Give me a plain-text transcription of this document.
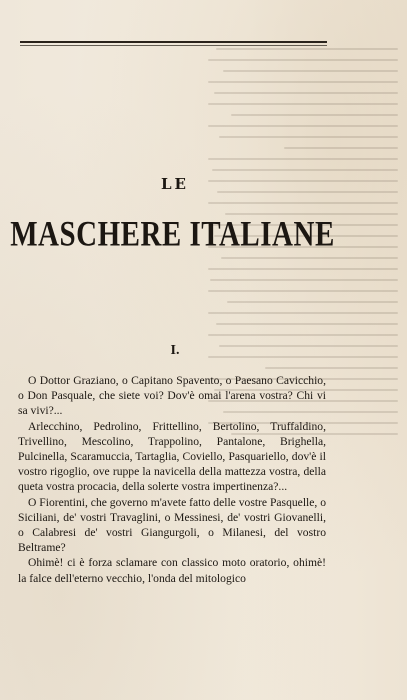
LE
MASCHERE ITALIANE
I.

O Dottor Graziano, o Capitano Spavento, o Paesano Cavicchio, o Don Pasquale, che siete voi? Dov'è omai l'arena vostra? Chi vi sa vivi?...

Arlecchino, Pedrolino, Frittellino, Bertolino, Truffaldino, Trivellino, Mescolino, Trappolino, Pantalone, Brighella, Pulcinella, Scaramuccia, Tartaglia, Coviello, Pasquariello, dov'è il vostro rigoglio, ove ruppe la navicella della mattezza vostra, della queta vostra procacia, della solerte vostra impertinenza?...

O Fiorentini, che governo m'avete fatto delle vostre Pasquelle, o Siciliani, de' vostri Travaglini, o Messinesi, de' vostri Giovanelli, o Calabresi de' vostri Giangurgoli, o Milanesi, del vostro Beltrame?

Ohimè! ci è forza sclamare con classico moto oratorio, ohimè! la falce dell'eterno vecchio, l'onda del mitologico
